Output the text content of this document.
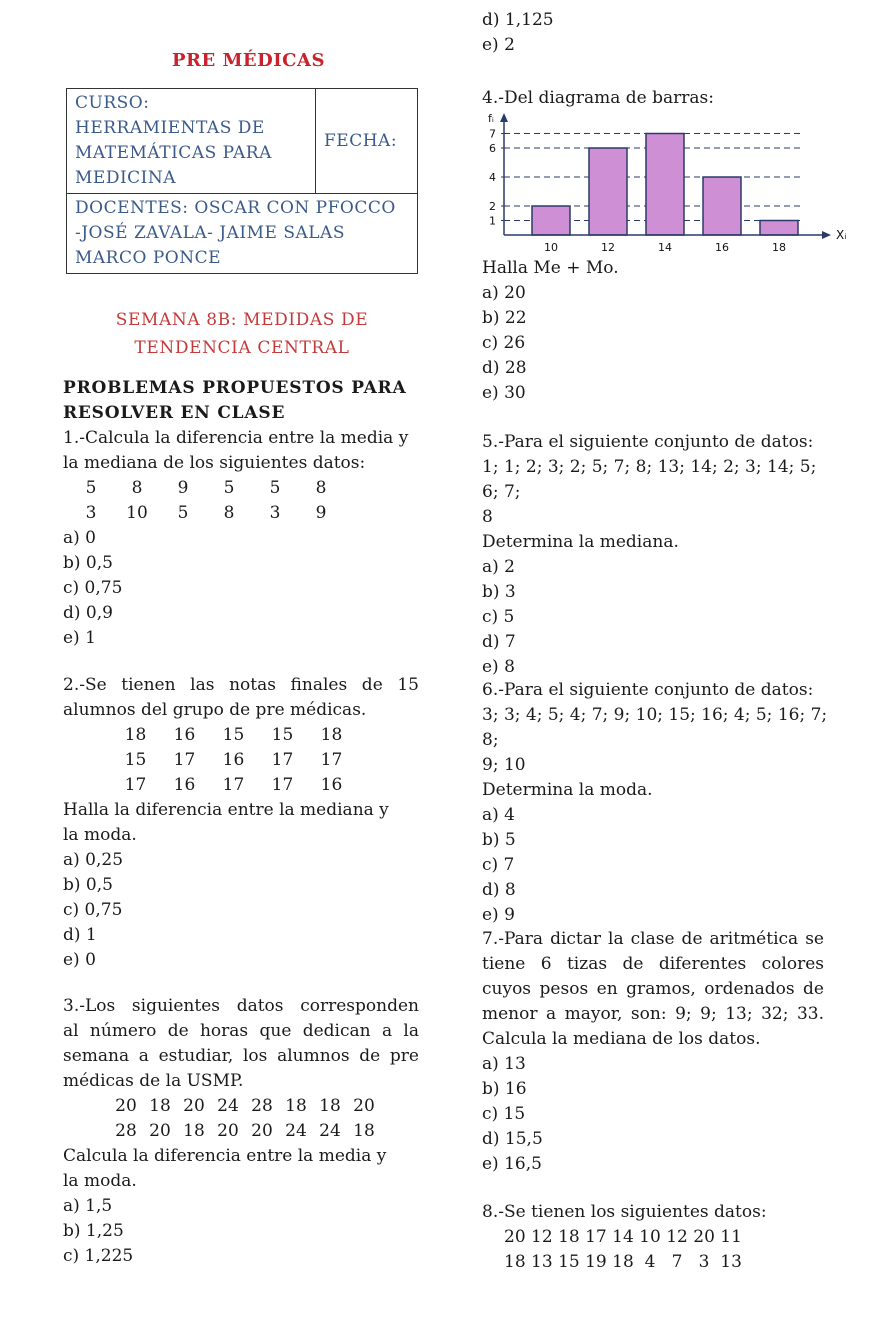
PRE MÉDICAS
CURSO:
HERRAMIENTAS DE
MATEMÁTICAS PARA
MEDICINA

FECHA:

DOCENTES: OSCAR CON PFOCCO
-JOSÉ ZAVALA- JAIME SALAS
MARCO PONCE
SEMANA 8B: MEDIDAS DE
TENDENCIA CENTRAL
PROBLEMAS PROPUESTOS PARA
RESOLVER EN CLASE
1.-Calcula la diferencia entre la media y
la mediana de los siguientes datos:
5	8	9	5	5	8
3	10	5	8	3	9
a) 0
b) 0,5
c) 0,75
d) 0,9
e) 1
2.-Se tienen las notas finales de 15
alumnos del grupo de pre médicas.
18	16	15	15	18
15	17	16	17	17
17	16	17	17	16
Halla la diferencia entre la mediana y
la moda.
a) 0,25
b) 0,5
c) 0,75
d) 1
e) 0
3.-Los siguientes datos corresponden
al número de horas que dedican a la
semana a estudiar, los alumnos de pre
médicas de la USMP.
20 18 20 24 28 18 18 20
28 20 18 20 20 24 24 18
Calcula la diferencia entre la media y
la moda.
a) 1,5
b) 1,25
c) 1,225
d) 1,125
e) 2
4.-Del diagrama de barras:
10	12	14	16	18
1
2
4
6
7
fᵢ
Xᵢ
Halla Me + Mo.
a) 20
b) 22
c) 26
d) 28
e) 30
5.-Para el siguiente conjunto de datos:
1; 1; 2; 3; 2; 5; 7; 8; 13; 14; 2; 3; 14; 5; 6; 7;
8
Determina la mediana.
a) 2
b) 3
c) 5
d) 7
e) 8
6.-Para el siguiente conjunto de datos:
3; 3; 4; 5; 4; 7; 9; 10; 15; 16; 4; 5; 16; 7; 8;
9; 10
Determina la moda.
a) 4
b) 5
c) 7
d) 8
e) 9
7.-Para dictar la clase de aritmética se
tiene 6 tizas de diferentes colores
cuyos pesos en gramos, ordenados de
menor a mayor, son: 9; 9; 13; 32; 33.
Calcula la mediana de los datos.
a) 13
b) 16
c) 15
d) 15,5
e) 16,5
8.-Se tienen los siguientes datos:
20 12 18 17 14 10 12 20 11
18 13 15 19 18  4   7   3  13
